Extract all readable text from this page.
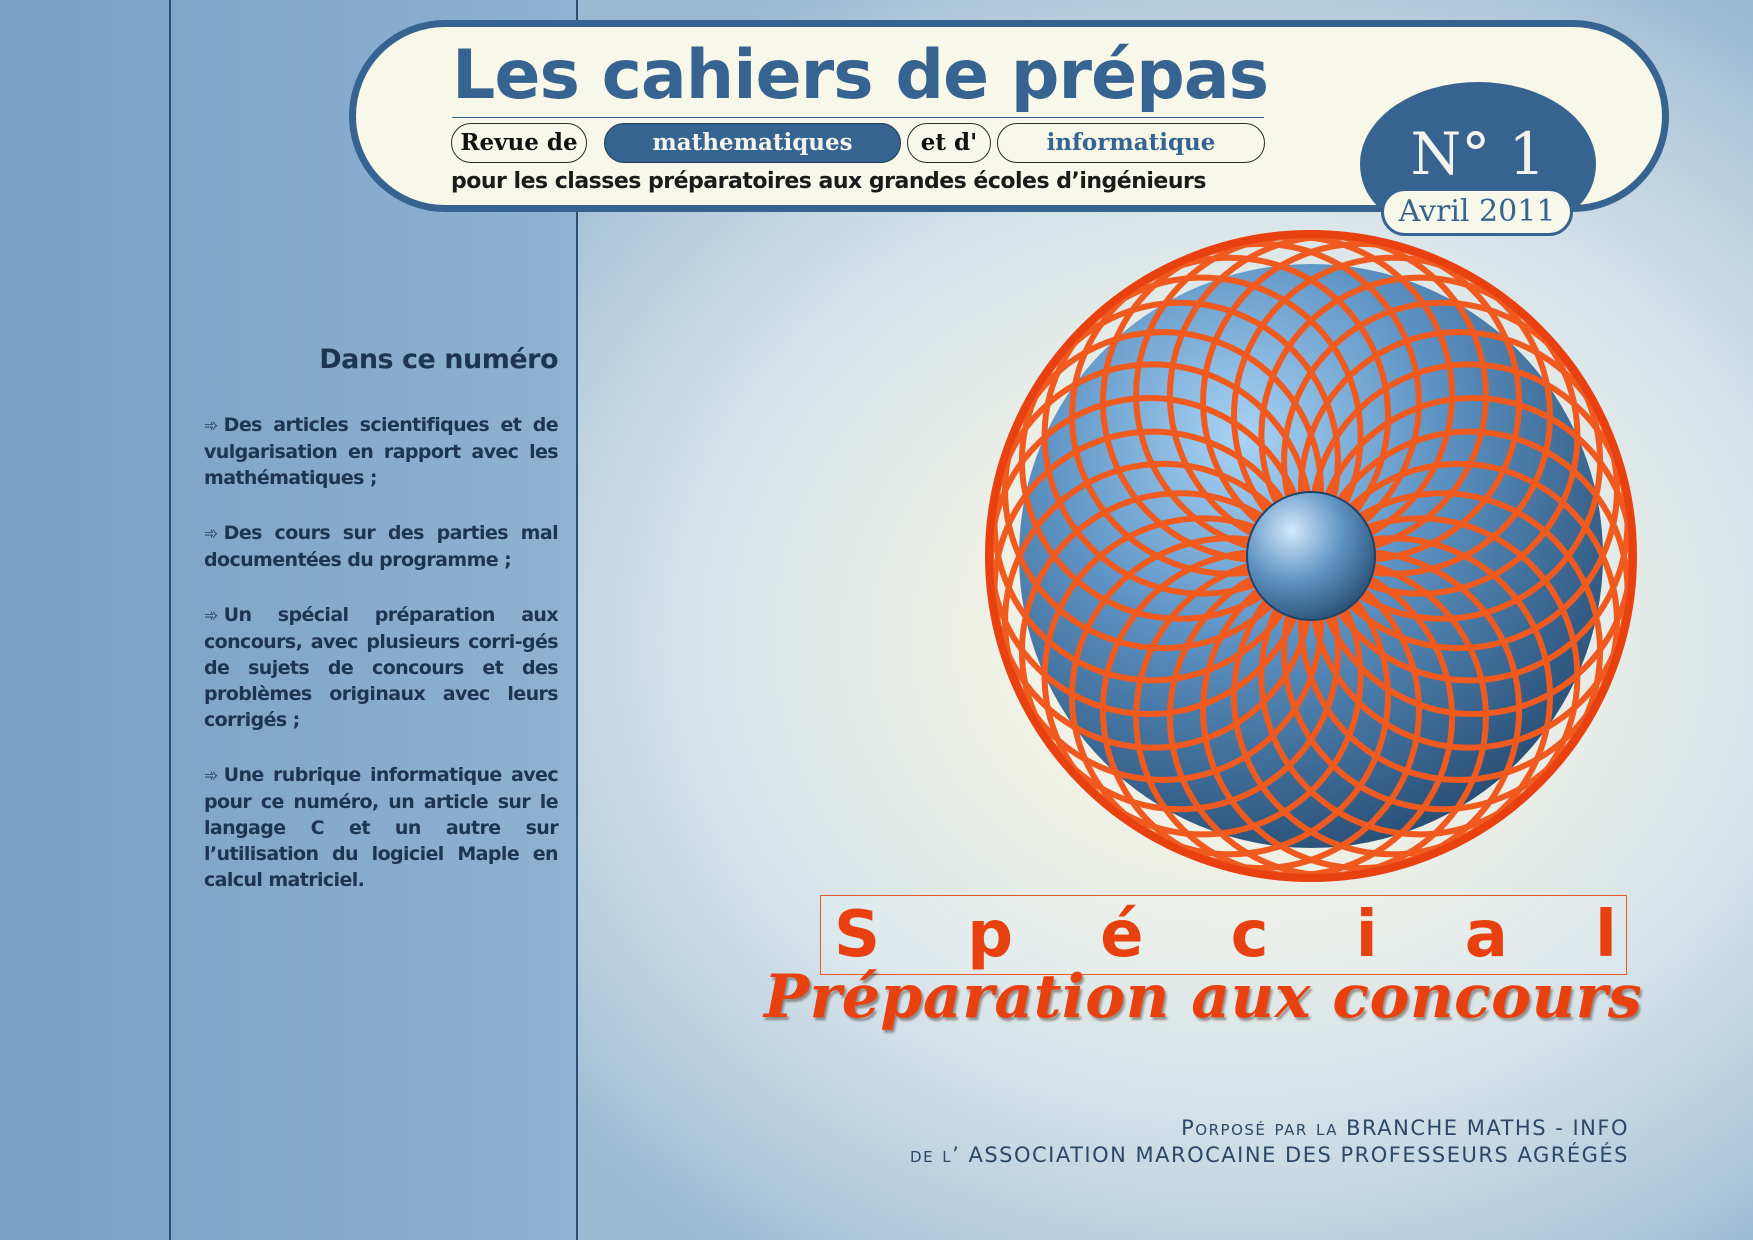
Les cahiers de prépas
Revue de	mathematiques	et d'	informatique

pour les classes préparatoires aux grandes écoles d’ingénieurs	N° 1
Avril 2011
Dans ce numéro

➾ Des articles scientifiques et de vulgarisation en rapport avec les mathématiques ;

➾ Des cours sur des parties mal documentées du programme ;

➾ Un spécial préparation aux concours, avec plusieurs corri-gés de sujets de concours et des problèmes originaux avec leurs corrigés ;

➾ Une rubrique informatique avec pour ce numéro, un article sur le langage C et un autre sur l’utilisation du logiciel Maple en calcul matriciel.

S p é c i a l

Préparation aux concours

Porposé par la BRANCHE MATHS - INFO

de l’ ASSOCIATION MAROCAINE DES PROFESSEURS AGRÉGÉS
